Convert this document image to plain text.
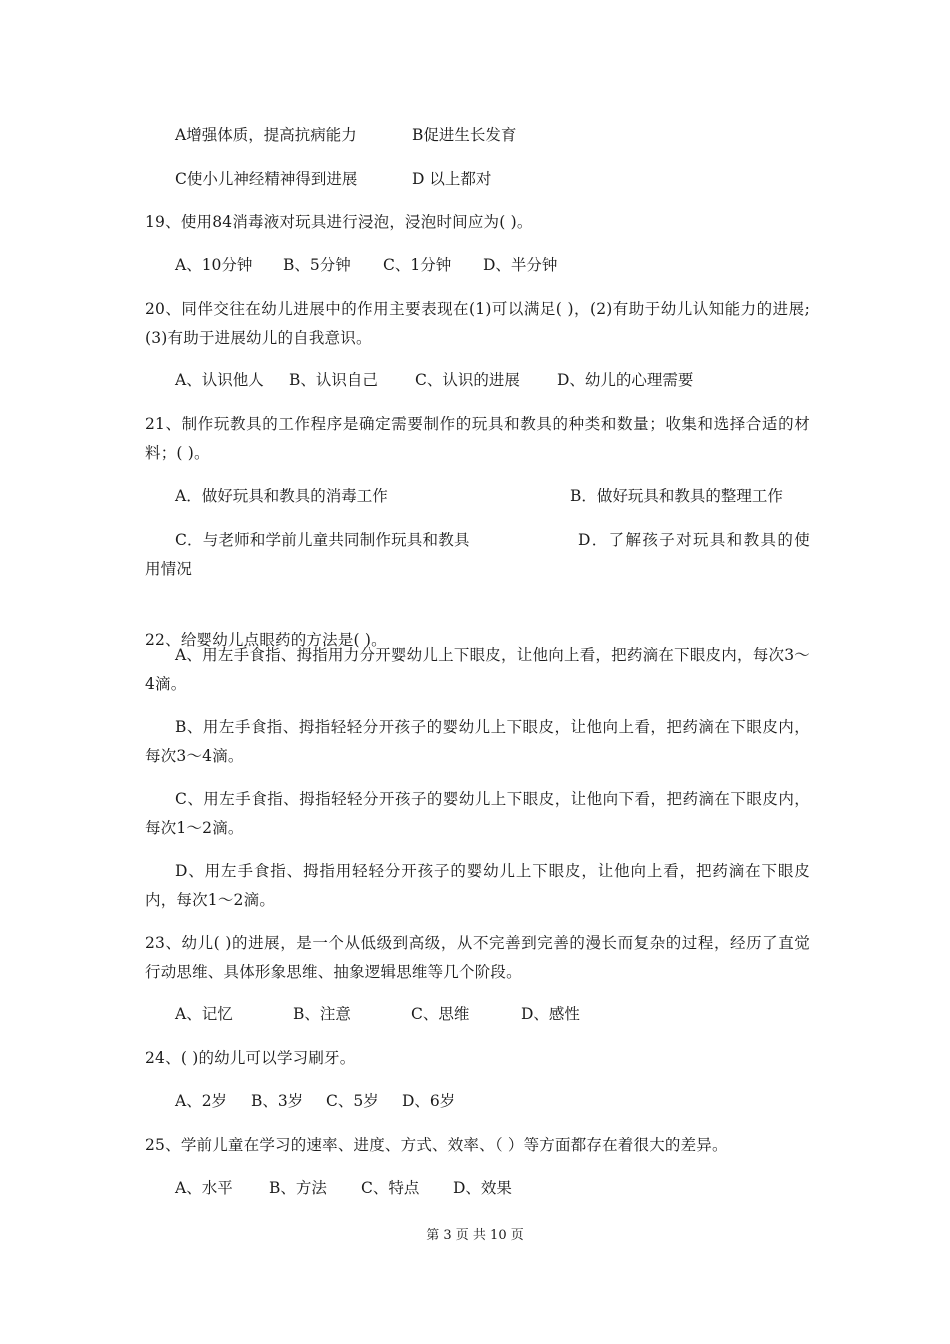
A增强体质，提高抗病能力	B促进生长发育
C使小儿神经精神得到进展	D 以上都对
19、使用84消毒液对玩具进行浸泡，浸泡时间应为( )。
A、10分钟 B、5分钟 C、1分钟 D、半分钟
20、同伴交往在幼儿进展中的作用主要表现在(1)可以满足( )，(2)有助于幼儿认知能力的进展;(3)有助于进展幼儿的自我意识。
A、认识他人 B、认识自己 C、认识的进展 D、幼儿的心理需要
21、制作玩教具的工作程序是确定需要制作的玩具和教具的种类和数量；收集和选择合适的材料；( )。
A．做好玩具和教具的消毒工作	B．做好玩具和教具的整理工作
C．与老师和学前儿童共同制作玩具和教具	D．了解孩子对玩具和教具的使用情况
22、给婴幼儿点眼药的方法是( )。
A、用左手食指、拇指用力分开婴幼儿上下眼皮，让他向上看，把药滴在下眼皮内，每次3～4滴。
B、用左手食指、拇指轻轻分开孩子的婴幼儿上下眼皮，让他向上看，把药滴在下眼皮内，每次3～4滴。
C、用左手食指、拇指轻轻分开孩子的婴幼儿上下眼皮，让他向下看，把药滴在下眼皮内，每次1～2滴。
D、用左手食指、拇指用轻轻分开孩子的婴幼儿上下眼皮，让他向上看，把药滴在下眼皮内，每次1～2滴。
23、幼儿( )的进展，是一个从低级到高级，从不完善到完善的漫长而复杂的过程，经历了直觉行动思维、具体形象思维、抽象逻辑思维等几个阶段。
A、记忆	B、注意	C、思维	D、感性
24、( )的幼儿可以学习刷牙。
A、2岁 B、3岁 C、5岁 D、6岁
25、学前儿童在学习的速率、进度、方式、效率、（ ）等方面都存在着很大的差异。
A、水平 B、方法 C、特点 D、效果
第 3 页 共 10 页
